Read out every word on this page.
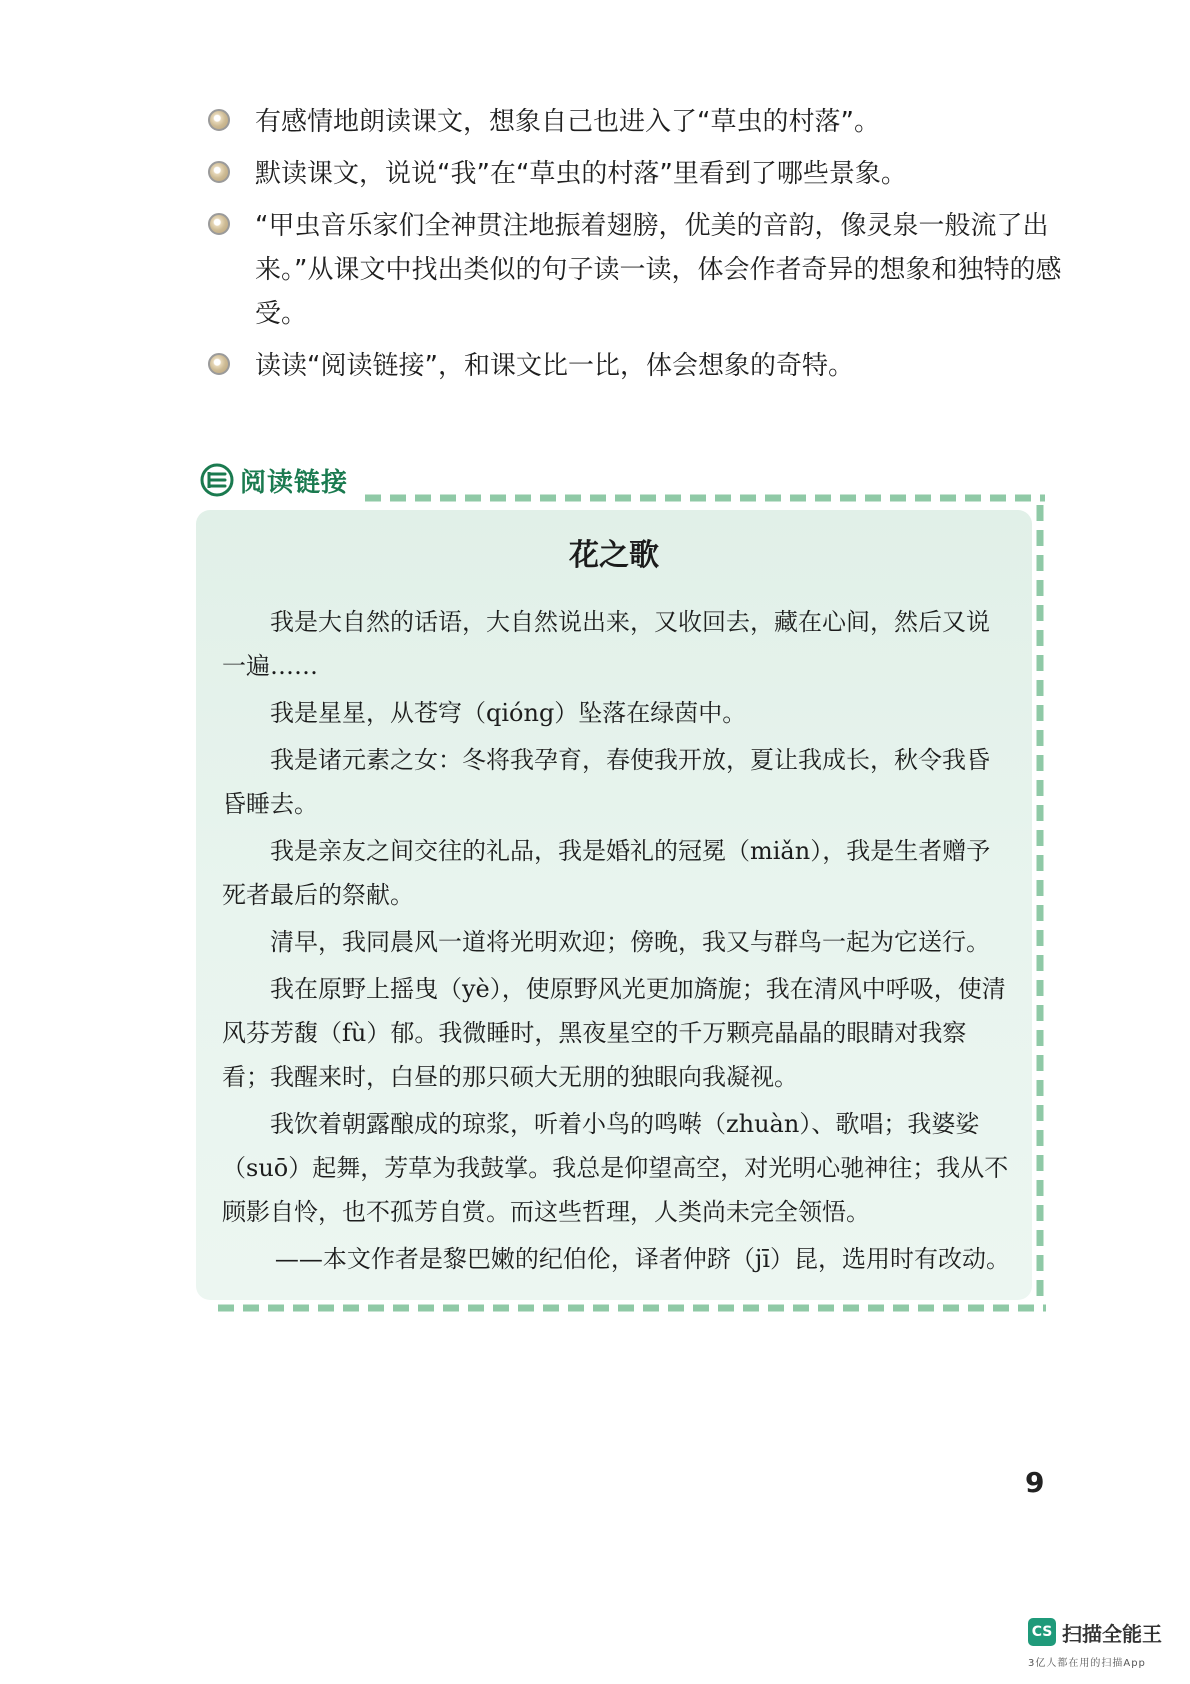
有感情地朗读课文，想象自己也进入了“草虫的村落”。
默读课文，说说“我”在“草虫的村落”里看到了哪些景象。
“甲虫音乐家们全神贯注地振着翅膀，优美的音韵，像灵泉一般流了出来。”从课文中找出类似的句子读一读，体会作者奇异的想象和独特的感受。
读读“阅读链接”，和课文比一比，体会想象的奇特。
阅读链接
花之歌

我是大自然的话语，大自然说出来，又收回去，藏在心间，然后又说一遍……

我是星星，从苍穹（qióng）坠落在绿茵中。

我是诸元素之女：冬将我孕育，春使我开放，夏让我成长，秋令我昏昏睡去。

我是亲友之间交往的礼品，我是婚礼的冠冕（miǎn），我是生者赠予死者最后的祭献。

清早，我同晨风一道将光明欢迎；傍晚，我又与群鸟一起为它送行。

我在原野上摇曳（yè），使原野风光更加旖旎；我在清风中呼吸，使清风芬芳馥（fù）郁。我微睡时，黑夜星空的千万颗亮晶晶的眼睛对我察看；我醒来时，白昼的那只硕大无朋的独眼向我凝视。

我饮着朝露酿成的琼浆，听着小鸟的鸣啭（zhuàn）、歌唱；我婆娑（suō）起舞，芳草为我鼓掌。我总是仰望高空，对光明心驰神往；我从不顾影自怜，也不孤芳自赏。而这些哲理，人类尚未完全领悟。

——本文作者是黎巴嫩的纪伯伦，译者仲跻（jī）昆，选用时有改动。

9
CS 扫描全能王
3亿人都在用的扫描App
